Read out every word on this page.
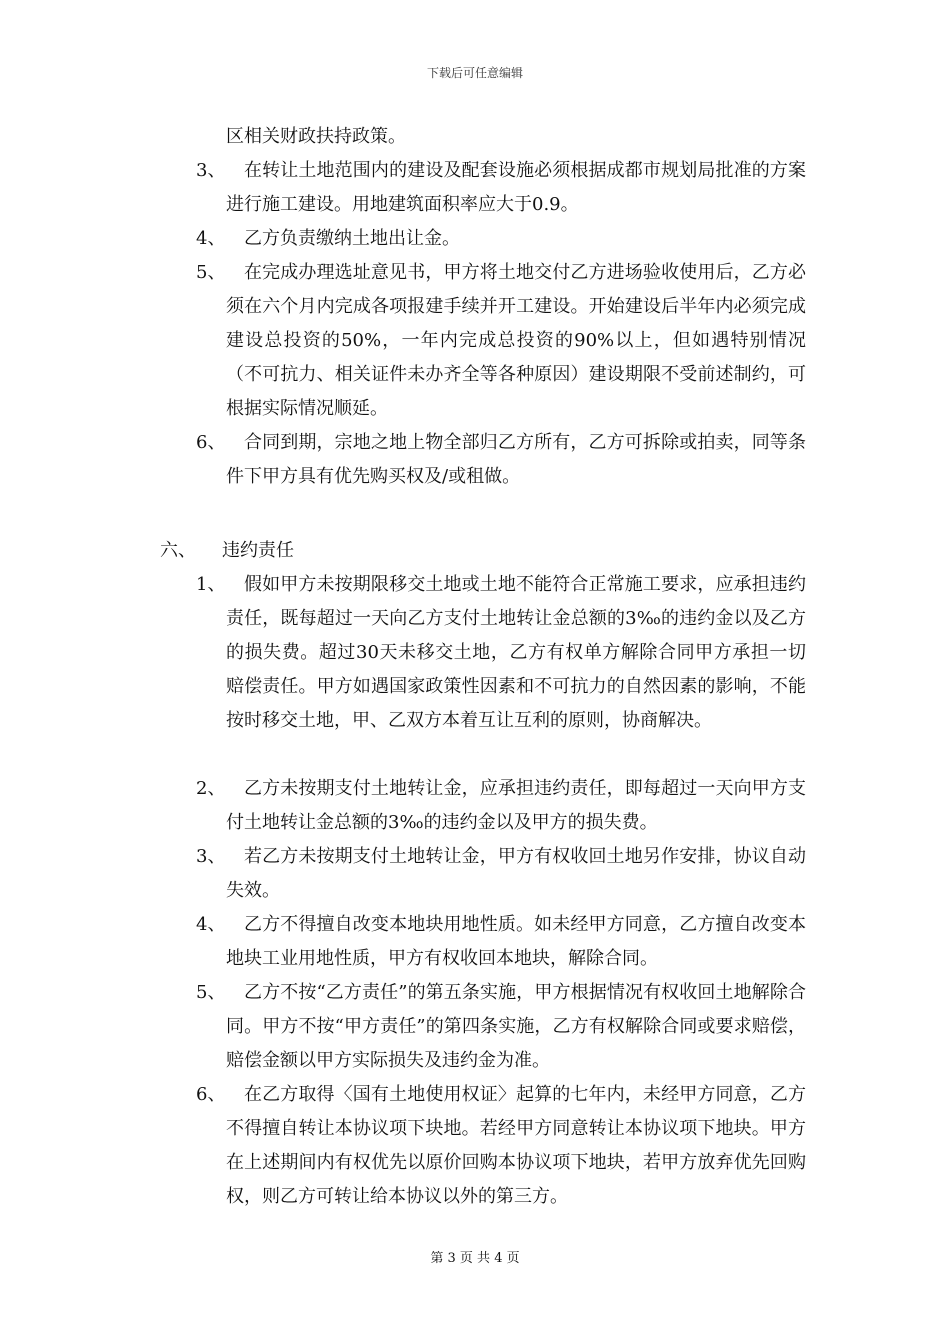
下载后可任意编辑
区相关财政扶持政策。
3、	在转让土地范围内的建设及配套设施必须根据成都市规划局批准的方案进行施工建设。用地建筑面积率应大于0.9。
4、	乙方负责缴纳土地出让金。
5、	在完成办理选址意见书，甲方将土地交付乙方进场验收使用后，乙方必须在六个月内完成各项报建手续并开工建设。开始建设后半年内必须完成建设总投资的50%，一年内完成总投资的90%以上，但如遇特别情况（不可抗力、相关证件未办齐全等各种原因）建设期限不受前述制约，可根据实际情况顺延。
6、	合同到期，宗地之地上物全部归乙方所有，乙方可拆除或拍卖，同等条件下甲方具有优先购买权及/或租做。
六、 违约责任
1、	假如甲方未按期限移交土地或土地不能符合正常施工要求，应承担违约责任，既每超过一天向乙方支付土地转让金总额的3‰的违约金以及乙方的损失费。超过30天未移交土地，乙方有权单方解除合同甲方承担一切赔偿责任。甲方如遇国家政策性因素和不可抗力的自然因素的影响，不能按时移交土地，甲、乙双方本着互让互利的原则，协商解决。
2、	乙方未按期支付土地转让金，应承担违约责任，即每超过一天向甲方支付土地转让金总额的3‰的违约金以及甲方的损失费。
3、	若乙方未按期支付土地转让金，甲方有权收回土地另作安排，协议自动失效。
4、	乙方不得擅自改变本地块用地性质。如未经甲方同意，乙方擅自改变本地块工业用地性质，甲方有权收回本地块，解除合同。
5、	乙方不按“乙方责任”的第五条实施，甲方根据情况有权收回土地解除合同。甲方不按“甲方责任”的第四条实施，乙方有权解除合同或要求赔偿，赔偿金额以甲方实际损失及违约金为准。
6、	在乙方取得〈国有土地使用权证〉起算的七年内，未经甲方同意，乙方不得擅自转让本协议项下块地。若经甲方同意转让本协议项下地块。甲方在上述期间内有权优先以原价回购本协议项下地块，若甲方放弃优先回购权，则乙方可转让给本协议以外的第三方。
第 3 页 共 4 页
